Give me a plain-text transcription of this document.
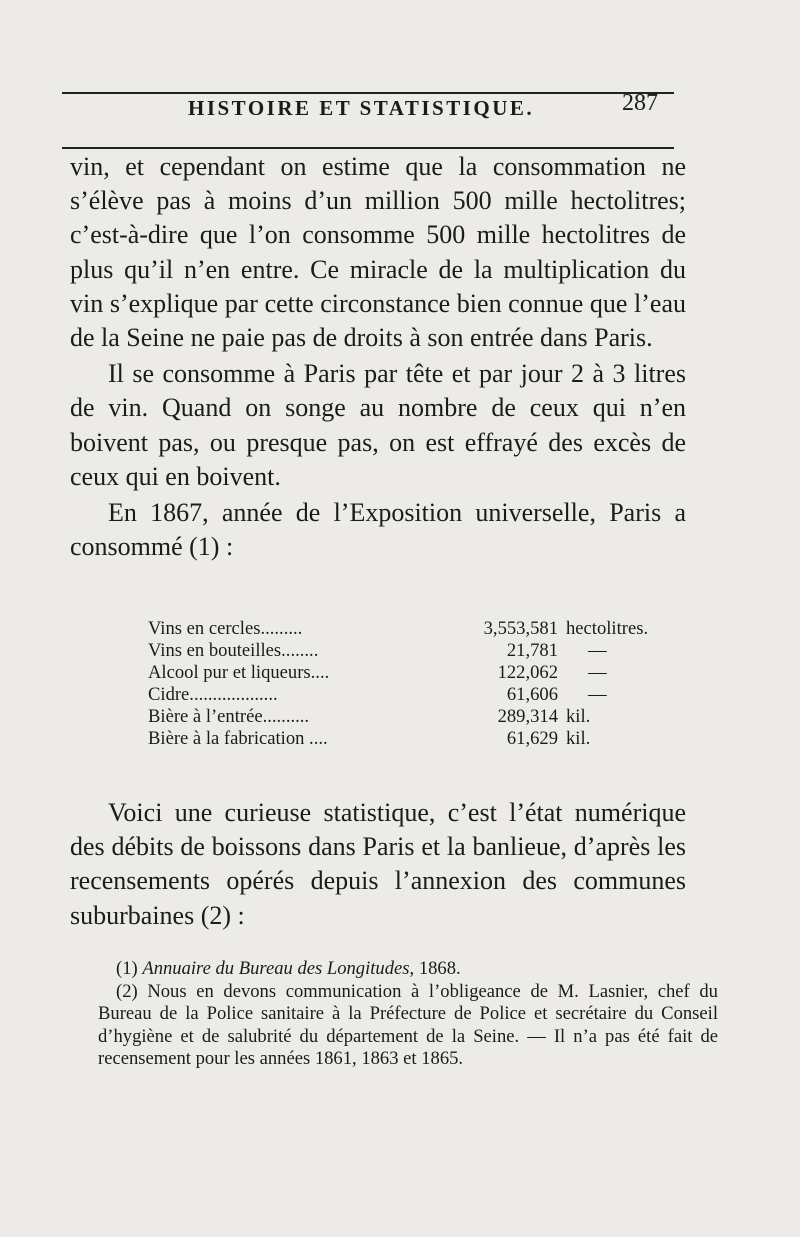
HISTOIRE ET STATISTIQUE.	287

vin, et cependant on estime que la consommation ne s’élève pas à moins d’un million 500 mille hectolitres; c’est-à-dire que l’on consomme 500 mille hectolitres de plus qu’il n’en entre. Ce miracle de la multiplication du vin s’explique par cette circonstance bien connue que l’eau de la Seine ne paie pas de droits à son entrée dans Paris.

Il se consomme à Paris par tête et par jour 2 à 3 litres de vin. Quand on songe au nombre de ceux qui n’en boivent pas, ou presque pas, on est effrayé des excès de ceux qui en boivent.

En 1867, année de l’Exposition universelle, Paris a consommé (1) :

Vins en cercles.........	3,553,581 hectolitres.
Vins en bouteilles........	21,781	—
Alcool pur et liqueurs....	122,062	—
Cidre...................	61,606	—
Bière à l’entrée..........	289,314 kil.
Bière à la fabrication ....	61,629 kil.

Voici une curieuse statistique, c’est l’état numérique des débits de boissons dans Paris et la banlieue, d’après les recensements opérés depuis l’annexion des communes suburbaines (2) :

(1) Annuaire du Bureau des Longitudes, 1868.
(2) Nous en devons communication à l’obligeance de M. Lasnier, chef du Bureau de la Police sanitaire à la Préfecture de Police et secrétaire du Conseil d’hygiène et de salubrité du département de la Seine. — Il n’a pas été fait de recensement pour les années 1861, 1863 et 1865.
